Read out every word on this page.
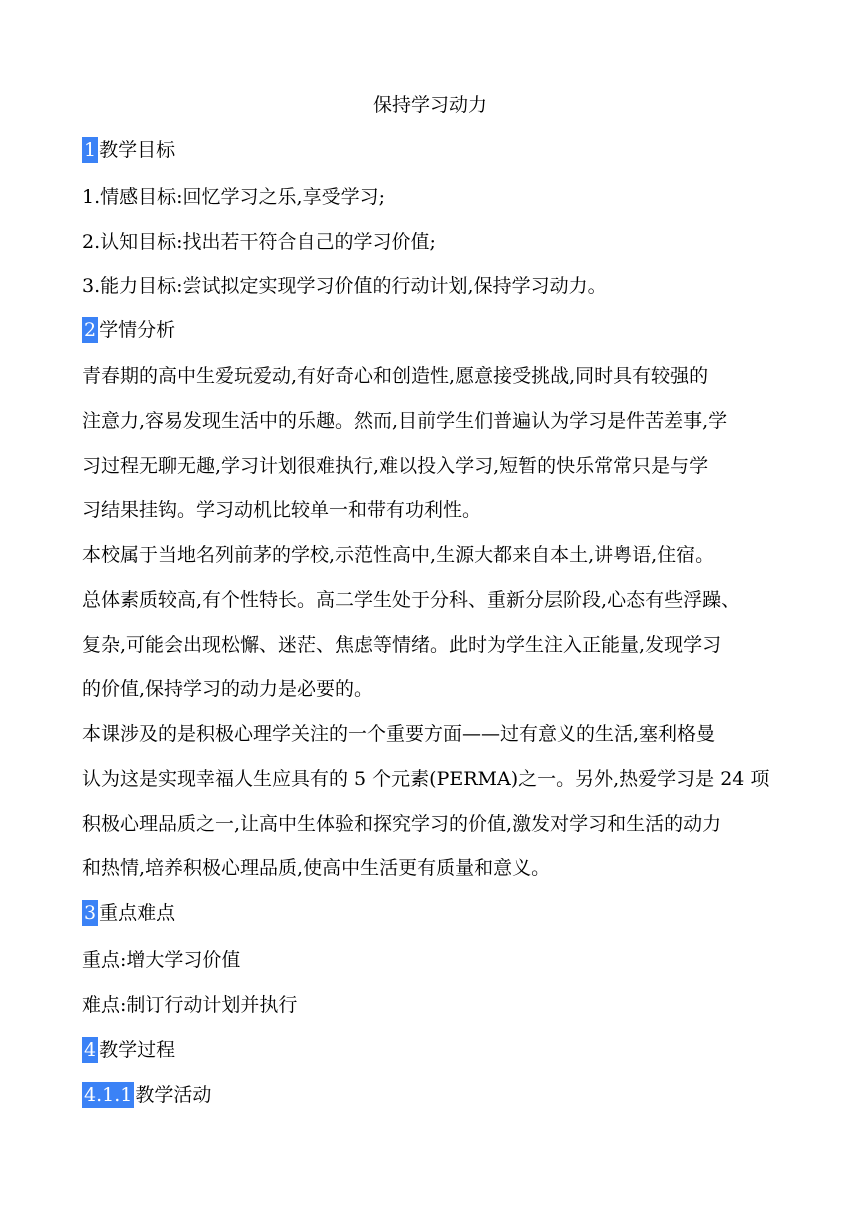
保持学习动力
1 教学目标
1.情感目标:回忆学习之乐,享受学习;
2.认知目标:找出若干符合自己的学习价值;
3.能力目标:尝试拟定实现学习价值的行动计划,保持学习动力。
2 学情分析
青春期的高中生爱玩爱动,有好奇心和创造性,愿意接受挑战,同时具有较强的
注意力,容易发现生活中的乐趣。然而,目前学生们普遍认为学习是件苦差事,学
习过程无聊无趣,学习计划很难执行,难以投入学习,短暂的快乐常常只是与学
习结果挂钩。学习动机比较单一和带有功利性。
本校属于当地名列前茅的学校,示范性高中,生源大都来自本土,讲粤语,住宿。
总体素质较高,有个性特长。高二学生处于分科、重新分层阶段,心态有些浮躁、
复杂,可能会出现松懈、迷茫、焦虑等情绪。此时为学生注入正能量,发现学习
的价值,保持学习的动力是必要的。
本课涉及的是积极心理学关注的一个重要方面——过有意义的生活,塞利格曼
认为这是实现幸福人生应具有的 5 个元素(PERMA)之一。另外,热爱学习是 24 项
积极心理品质之一,让高中生体验和探究学习的价值,激发对学习和生活的动力
和热情,培养积极心理品质,使高中生活更有质量和意义。
3 重点难点
重点:增大学习价值
难点:制订行动计划并执行
4 教学过程
4.1.1 教学活动
